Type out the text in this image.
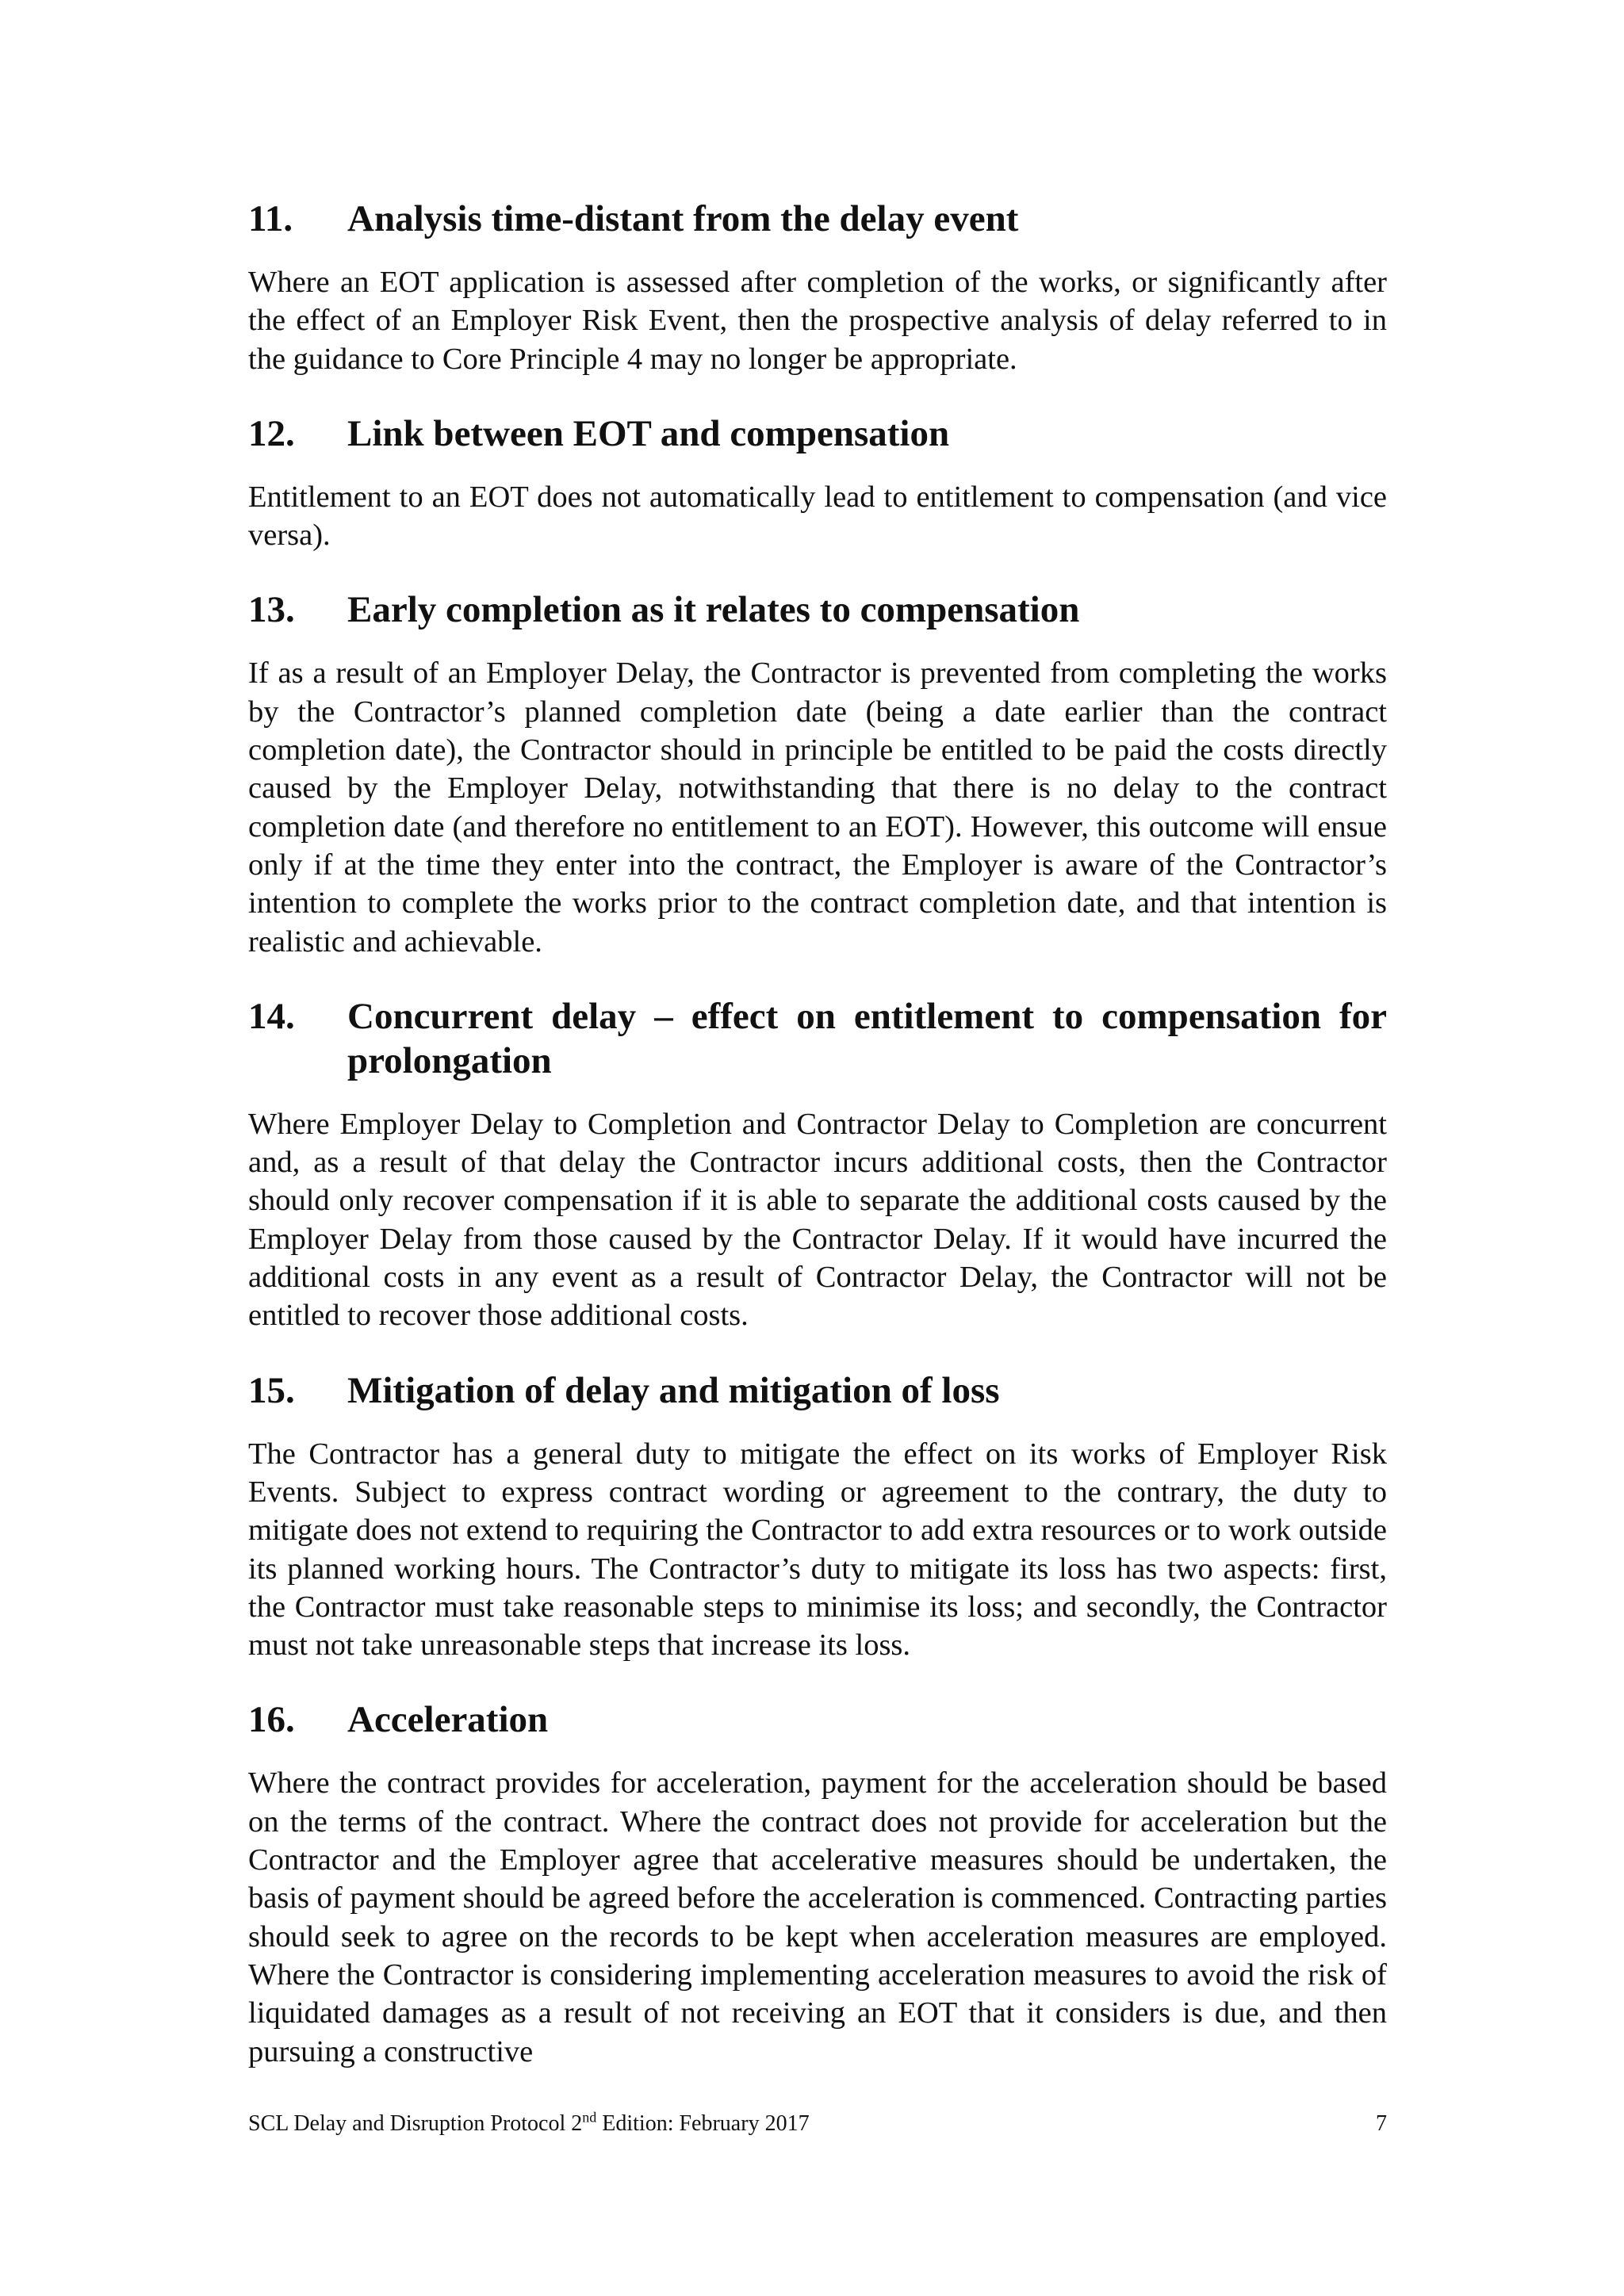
11.	Analysis time-distant from the delay event

Where an EOT application is assessed after completion of the works, or significantly after the effect of an Employer Risk Event, then the prospective analysis of delay referred to in the guidance to Core Principle 4 may no longer be appropriate.

12.	Link between EOT and compensation

Entitlement to an EOT does not automatically lead to entitlement to compensation (and vice versa).

13.	Early completion as it relates to compensation

If as a result of an Employer Delay, the Contractor is prevented from completing the works by the Contractor’s planned completion date (being a date earlier than the contract completion date), the Contractor should in principle be entitled to be paid the costs directly caused by the Employer Delay, notwithstanding that there is no delay to the contract completion date (and therefore no entitlement to an EOT). However, this outcome will ensue only if at the time they enter into the contract, the Employer is aware of the Contractor’s intention to complete the works prior to the contract completion date, and that intention is realistic and achievable.

14.	Concurrent delay – effect on entitlement to compensation for prolongation

Where Employer Delay to Completion and Contractor Delay to Completion are concurrent and, as a result of that delay the Contractor incurs additional costs, then the Contractor should only recover compensation if it is able to separate the additional costs caused by the Employer Delay from those caused by the Contractor Delay. If it would have incurred the additional costs in any event as a result of Contractor Delay, the Contractor will not be entitled to recover those additional costs.

15.	Mitigation of delay and mitigation of loss

The Contractor has a general duty to mitigate the effect on its works of Employer Risk Events. Subject to express contract wording or agreement to the contrary, the duty to mitigate does not extend to requiring the Contractor to add extra resources or to work outside its planned working hours. The Contractor’s duty to mitigate its loss has two aspects: first, the Contractor must take reasonable steps to minimise its loss; and secondly, the Contractor must not take unreasonable steps that increase its loss.

16.	Acceleration

Where the contract provides for acceleration, payment for the acceleration should be based on the terms of the contract. Where the contract does not provide for acceleration but the Contractor and the Employer agree that accelerative measures should be undertaken, the basis of payment should be agreed before the acceleration is commenced. Contracting parties should seek to agree on the records to be kept when acceleration measures are employed. Where the Contractor is considering implementing acceleration measures to avoid the risk of liquidated damages as a result of not receiving an EOT that it considers is due, and then pursuing a constructive

SCL Delay and Disruption Protocol 2nd Edition: February 2017	7
